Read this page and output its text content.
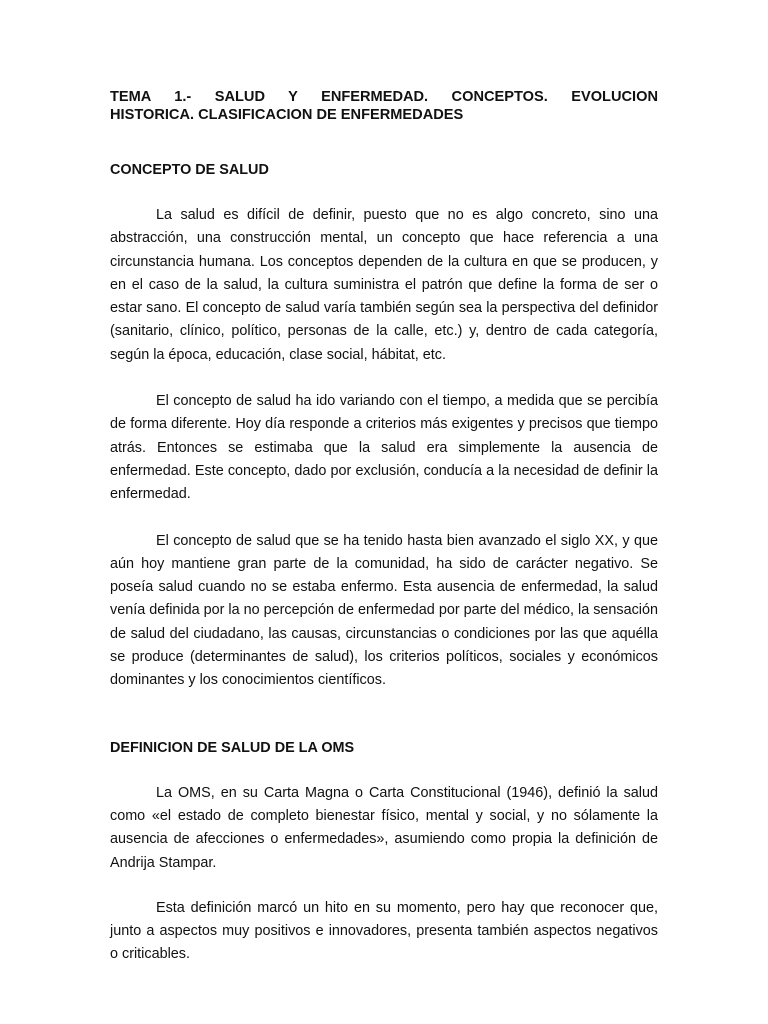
TEMA 1.- SALUD Y ENFERMEDAD. CONCEPTOS. EVOLUCION
HISTORICA. CLASIFICACION DE ENFERMEDADES
CONCEPTO DE SALUD

La salud es difícil de definir, puesto que no es algo concreto, sino una abstracción, una construcción mental, un concepto que hace referencia a una circunstancia humana. Los conceptos dependen de la cultura en que se producen, y en el caso de la salud, la cultura suministra el patrón que define la forma de ser o estar sano. El concepto de salud varía también según sea la perspectiva del definidor (sanitario, clínico, político, personas de la calle, etc.) y, dentro de cada categoría, según la época, educación, clase social, hábitat, etc.

El concepto de salud ha ido variando con el tiempo, a medida que se percibía de forma diferente. Hoy día responde a criterios más exigentes y precisos que tiempo atrás. Entonces se estimaba que la salud era simplemente la ausencia de enfermedad. Este concepto, dado por exclusión, conducía a la necesidad de definir la enfermedad.

El concepto de salud que se ha tenido hasta bien avanzado el siglo XX, y que aún hoy mantiene gran parte de la comunidad, ha sido de carácter negativo. Se poseía salud cuando no se estaba enfermo. Esta ausencia de enfermedad, la salud venía definida por la no percepción de enfermedad por parte del médico, la sensación de salud del ciudadano, las causas, circunstancias o condiciones por las que aquélla se produce (determinantes de salud), los criterios políticos, sociales y económicos dominantes y los conocimientos científicos.

DEFINICION DE SALUD DE LA OMS

La OMS, en su Carta Magna o Carta Constitucional (1946), definió la salud como «el estado de completo bienestar físico, mental y social, y no sólamente la ausencia de afecciones o enfermedades», asumiendo como propia la definición de Andrija Stampar.

Esta definición marcó un hito en su momento, pero hay que reconocer que, junto a aspectos muy positivos e innovadores, presenta también aspectos negativos o criticables.
